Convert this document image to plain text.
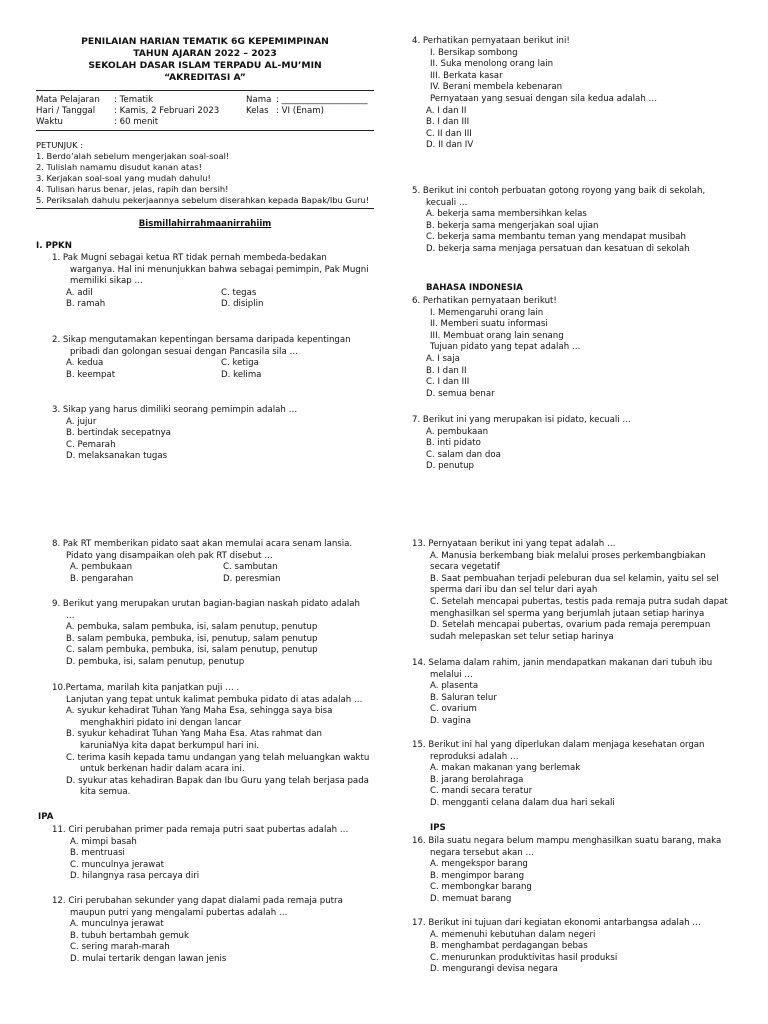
PENILAIAN HARIAN TEMATIK 6G KEPEMIMPINAN
TAHUN AJARAN 2022 – 2023
SEKOLAH DASAR ISLAM TERPADU AL-MU’MIN
“AKREDITASI A”
Mata Pelajaran	: Tematik	Nama : ____________________
Hari / Tanggal	: Kamis, 2 Februari 2023	Kelas : VI (Enam)
Waktu	: 60 menit
PETUNJUK :
1. Berdo’alah sebelum mengerjakan soal-soal!
2. Tulislah namamu disudut kanan atas!
3. Kerjakan soal-soal yang mudah dahulu!
4. Tulisan harus benar, jelas, rapih dan bersih!
5. Periksalah dahulu pekerjaannya sebelum diserahkan kepada Bapak/Ibu Guru!
Bismillahirrahmaanirrahiim
I. PPKN
1. Pak Mugni sebagai ketua RT tidak pernah membeda-bedakan
warganya. Hal ini menunjukkan bahwa sebagai pemimpin, Pak Mugni
memiliki sikap …
A. adil	C. tegas
B. ramah	D. disiplin
2. Sikap mengutamakan kepentingan bersama daripada kepentingan
pribadi dan golongan sesuai dengan Pancasila sila …
A. kedua	C. ketiga
B. keempat	D. kelima
3. Sikap yang harus dimiliki seorang pemimpin adalah …
A. jujur
B. bertindak secepatnya
C. Pemarah
D. melaksanakan tugas
4. Perhatikan pernyataan berikut ini!
I. Bersikap sombong
II. Suka menolong orang lain
III. Berkata kasar
IV. Berani membela kebenaran
Pernyataan yang sesuai dengan sila kedua adalah …
A. I dan II
B. I dan III
C. II dan III
D. II dan IV
5. Berikut ini contoh perbuatan gotong royong yang baik di sekolah,
kecuali …
A. bekerja sama membersihkan kelas
B. bekerja sama mengerjakan soal ujian
C. bekerja sama membantu teman yang mendapat musibah
D. bekerja sama menjaga persatuan dan kesatuan di sekolah
BAHASA INDONESIA
6. Perhatikan pernyataan berikut!
I. Memengaruhi orang lain
II. Memberi suatu informasi
III. Membuat orang lain senang
Tujuan pidato yang tepat adalah …
A. I saja
B. I dan II
C. I dan III
D. semua benar
7. Berikut ini yang merupakan isi pidato, kecuali …
A. pembukaan
B. inti pidato
C. salam dan doa
D. penutup
8. Pak RT memberikan pidato saat akan memulai acara senam lansia.
Pidato yang disampaikan oleh pak RT disebut …
A. pembukaan	C. sambutan
B. pengarahan	D. peresmian
9. Berikut yang merupakan urutan bagian-bagian naskah pidato adalah
…
A. pembuka, salam pembuka, isi, salam penutup, penutup
B. salam pembuka, pembuka, isi, penutup, salam penutup
C. salam pembuka, pembuka, isi, salam penutup, penutup
D. pembuka, isi, salam penutup, penutup
10.Pertama, marilah kita panjatkan puji … .
Lanjutan yang tepat untuk kalimat pembuka pidato di atas adalah …
A. syukur kehadirat Tuhan Yang Maha Esa, sehingga saya bisa
menghakhiri pidato ini dengan lancar
B. syukur kehadirat Tuhan Yang Maha Esa. Atas rahmat dan
karuniaNya kita dapat berkumpul hari ini.
C. terima kasih kepada tamu undangan yang telah meluangkan waktu
untuk berkenan hadir dalam acara ini.
D. syukur atas kehadiran Bapak dan Ibu Guru yang telah berjasa pada
kita semua.
IPA
11. Ciri perubahan primer pada remaja putri saat pubertas adalah …
A. mimpi basah
B. mentruasi
C. munculnya jerawat
D. hilangnya rasa percaya diri
12. Ciri perubahan sekunder yang dapat dialami pada remaja putra
maupun putri yang mengalami pubertas adalah …
A. munculnya jerawat
B. tubuh bertambah gemuk
C. sering marah-marah
D. mulai tertarik dengan lawan jenis
13. Pernyataan berikut ini yang tepat adalah …
A. Manusia berkembang biak melalui proses perkembangbiakan
secara vegetatif
B. Saat pembuahan terjadi peleburan dua sel kelamin, yaitu sel sel
sperma dari ibu dan sel telur dari ayah
C. Setelah mencapai pubertas, testis pada remaja putra sudah dapat
menghasilkan sel sperma yang berjumlah jutaan setiap harinya
D. Setelah mencapai pubertas, ovarium pada remaja perempuan
sudah melepaskan set telur setiap harinya
14. Selama dalam rahim, janin mendapatkan makanan dari tubuh ibu
melalui …
A. plasenta
B. Saluran telur
C. ovarium
D. vagina
15. Berikut ini hal yang diperlukan dalam menjaga kesehatan organ
reproduksi adalah …
A. makan makanan yang berlemak
B. jarang berolahraga
C. mandi secara teratur
D. mengganti celana dalam dua hari sekali
IPS
16. Bila suatu negara belum mampu menghasilkan suatu barang, maka
negara tersebut akan …
A. mengekspor barang
B. mengimpor barang
C. membongkar barang
D. memuat barang
17. Berikut ini tujuan dari kegiatan ekonomi antarbangsa adalah …
A. memenuhi kebutuhan dalam negeri
B. menghambat perdagangan bebas
C. menurunkan produktivitas hasil produksi
D. mengurangi devisa negara
